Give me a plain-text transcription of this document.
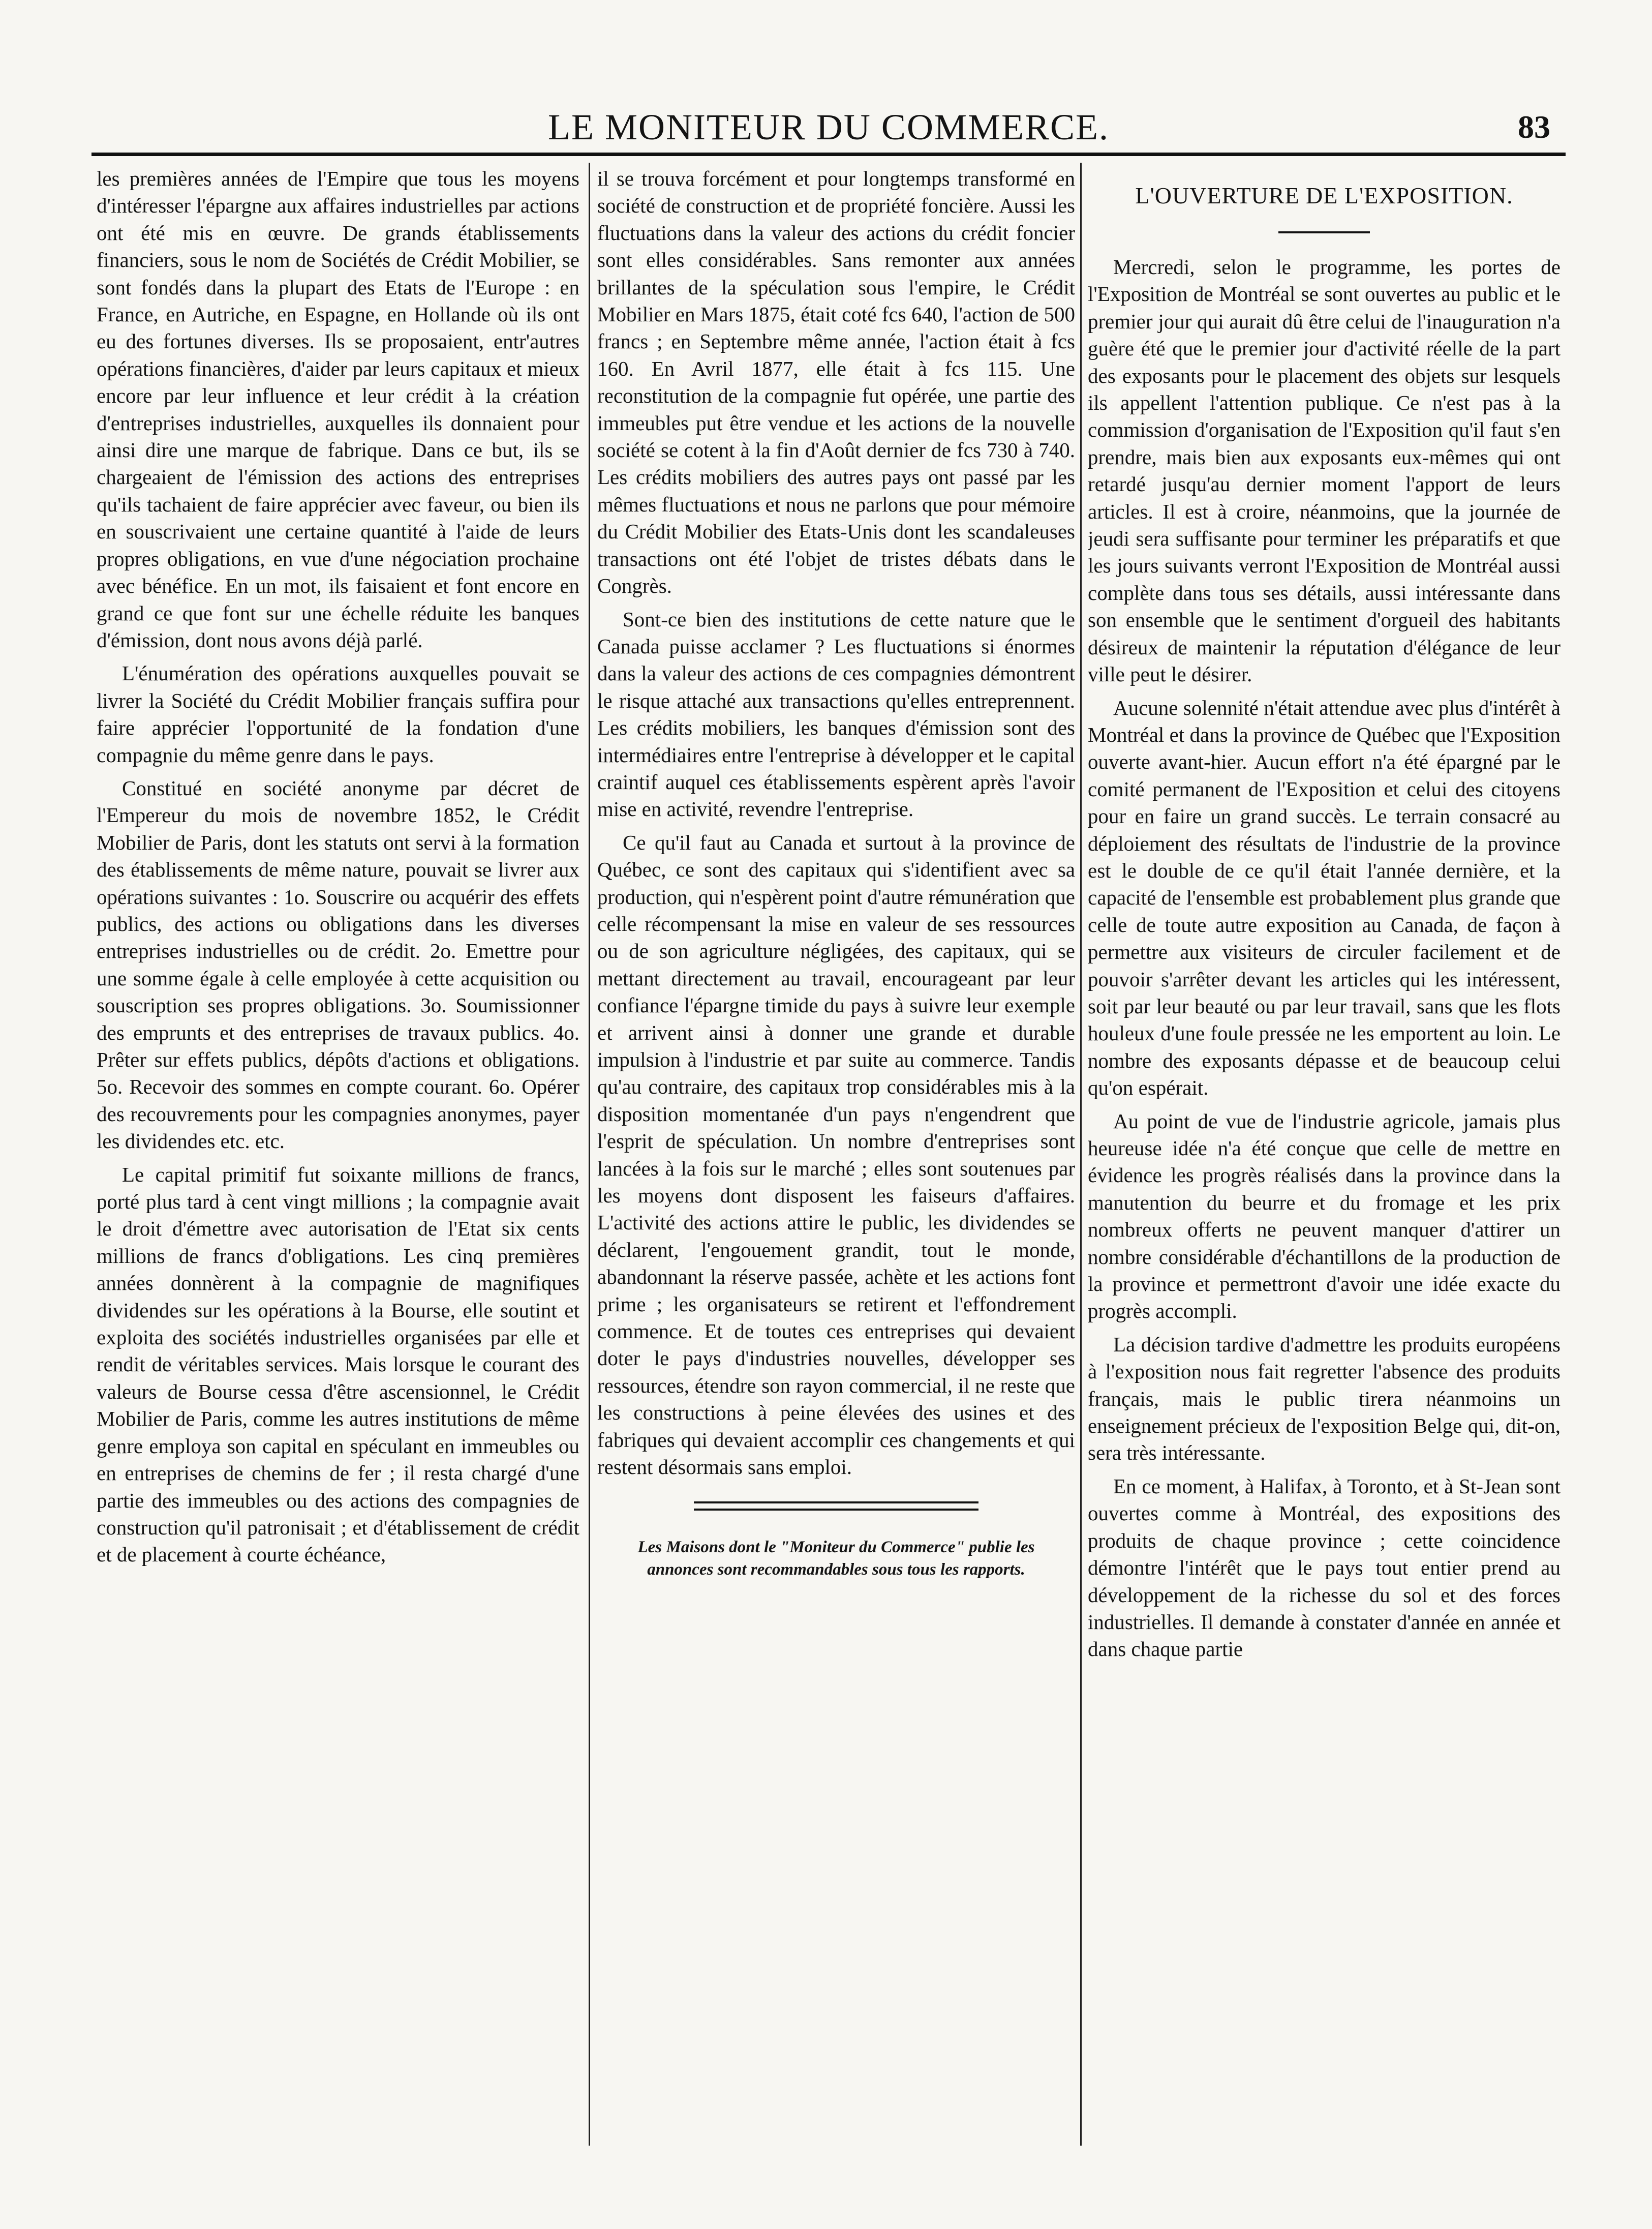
LE MONITEUR DU COMMERCE.	83

les premières années de l'Empire que tous les moyens d'intéresser l'épargne aux affaires industrielles par actions ont été mis en œuvre. De grands établissements financiers, sous le nom de Sociétés de Crédit Mobilier, se sont fondés dans la plupart des Etats de l'Europe : en France, en Autriche, en Espagne, en Hollande où ils ont eu des fortunes diverses. Ils se proposaient, entr'autres opérations financières, d'aider par leurs capitaux et mieux encore par leur influence et leur crédit à la création d'entreprises industrielles, auxquelles ils donnaient pour ainsi dire une marque de fabrique. Dans ce but, ils se chargeaient de l'émission des actions des entreprises qu'ils tachaient de faire apprécier avec faveur, ou bien ils en souscrivaient une certaine quantité à l'aide de leurs propres obligations, en vue d'une négociation prochaine avec bénéfice. En un mot, ils faisaient et font encore en grand ce que font sur une échelle réduite les banques d'émission, dont nous avons déjà parlé.

L'énumération des opérations auxquelles pouvait se livrer la Société du Crédit Mobilier français suffira pour faire apprécier l'opportunité de la fondation d'une compagnie du même genre dans le pays.

Constitué en société anonyme par décret de l'Empereur du mois de novembre 1852, le Crédit Mobilier de Paris, dont les statuts ont servi à la formation des établissements de même nature, pouvait se livrer aux opérations suivantes : 1o. Souscrire ou acquérir des effets publics, des actions ou obligations dans les diverses entreprises industrielles ou de crédit. 2o. Emettre pour une somme égale à celle employée à cette acquisition ou souscription ses propres obligations. 3o. Soumissionner des emprunts et des entreprises de travaux publics. 4o. Prêter sur effets publics, dépôts d'actions et obligations. 5o. Recevoir des sommes en compte courant. 6o. Opérer des recouvrements pour les compagnies anonymes, payer les dividendes etc. etc.

Le capital primitif fut soixante millions de francs, porté plus tard à cent vingt millions ; la compagnie avait le droit d'émettre avec autorisation de l'Etat six cents millions de francs d'obligations. Les cinq premières années donnèrent à la compagnie de magnifiques dividendes sur les opérations à la Bourse, elle soutint et exploita des sociétés industrielles organisées par elle et rendit de véritables services. Mais lorsque le courant des valeurs de Bourse cessa d'être ascensionnel, le Crédit Mobilier de Paris, comme les autres institutions de même genre employa son capital en spéculant en immeubles ou en entreprises de chemins de fer ; il resta chargé d'une partie des immeubles ou des actions des compagnies de construction qu'il patronisait ; et d'établissement de crédit et de placement à courte échéance,

il se trouva forcément et pour longtemps transformé en société de construction et de propriété foncière. Aussi les fluctuations dans la valeur des actions du crédit foncier sont elles considérables. Sans remonter aux années brillantes de la spéculation sous l'empire, le Crédit Mobilier en Mars 1875, était coté fcs 640, l'action de 500 francs ; en Septembre même année, l'action était à fcs 160. En Avril 1877, elle était à fcs 115. Une reconstitution de la compagnie fut opérée, une partie des immeubles put être vendue et les actions de la nouvelle société se cotent à la fin d'Août dernier de fcs 730 à 740. Les crédits mobiliers des autres pays ont passé par les mêmes fluctuations et nous ne parlons que pour mémoire du Crédit Mobilier des Etats-Unis dont les scandaleuses transactions ont été l'objet de tristes débats dans le Congrès.

Sont-ce bien des institutions de cette nature que le Canada puisse acclamer ? Les fluctuations si énormes dans la valeur des actions de ces compagnies démontrent le risque attaché aux transactions qu'elles entreprennent. Les crédits mobiliers, les banques d'émission sont des intermédiaires entre l'entreprise à développer et le capital craintif auquel ces établissements espèrent après l'avoir mise en activité, revendre l'entreprise.

Ce qu'il faut au Canada et surtout à la province de Québec, ce sont des capitaux qui s'identifient avec sa production, qui n'espèrent point d'autre rémunération que celle récompensant la mise en valeur de ses ressources ou de son agriculture négligées, des capitaux, qui se mettant directement au travail, encourageant par leur confiance l'épargne timide du pays à suivre leur exemple et arrivent ainsi à donner une grande et durable impulsion à l'industrie et par suite au commerce. Tandis qu'au contraire, des capitaux trop considérables mis à la disposition momentanée d'un pays n'engendrent que l'esprit de spéculation. Un nombre d'entreprises sont lancées à la fois sur le marché ; elles sont soutenues par les moyens dont disposent les faiseurs d'affaires. L'activité des actions attire le public, les dividendes se déclarent, l'engouement grandit, tout le monde, abandonnant la réserve passée, achète et les actions font prime ; les organisateurs se retirent et l'effondrement commence. Et de toutes ces entreprises qui devaient doter le pays d'industries nouvelles, développer ses ressources, étendre son rayon commercial, il ne reste que les constructions à peine élevées des usines et des fabriques qui devaient accomplir ces changements et qui restent désormais sans emploi.

Les Maisons dont le "Moniteur du Commerce" publie les annonces sont recommandables sous tous les rapports.
L'OUVERTURE DE L'EXPOSITION.

Mercredi, selon le programme, les portes de l'Exposition de Montréal se sont ouvertes au public et le premier jour qui aurait dû être celui de l'inauguration n'a guère été que le premier jour d'activité réelle de la part des exposants pour le placement des objets sur lesquels ils appellent l'attention publique. Ce n'est pas à la commission d'organisation de l'Exposition qu'il faut s'en prendre, mais bien aux exposants eux-mêmes qui ont retardé jusqu'au dernier moment l'apport de leurs articles. Il est à croire, néanmoins, que la journée de jeudi sera suffisante pour terminer les préparatifs et que les jours suivants verront l'Exposition de Montréal aussi complète dans tous ses détails, aussi intéressante dans son ensemble que le sentiment d'orgueil des habitants désireux de maintenir la réputation d'élégance de leur ville peut le désirer.

Aucune solennité n'était attendue avec plus d'intérêt à Montréal et dans la province de Québec que l'Exposition ouverte avant-hier. Aucun effort n'a été épargné par le comité permanent de l'Exposition et celui des citoyens pour en faire un grand succès. Le terrain consacré au déploiement des résultats de l'industrie de la province est le double de ce qu'il était l'année dernière, et la capacité de l'ensemble est probablement plus grande que celle de toute autre exposition au Canada, de façon à permettre aux visiteurs de circuler facilement et de pouvoir s'arrêter devant les articles qui les intéressent, soit par leur beauté ou par leur travail, sans que les flots houleux d'une foule pressée ne les emportent au loin. Le nombre des exposants dépasse et de beaucoup celui qu'on espérait.

Au point de vue de l'industrie agricole, jamais plus heureuse idée n'a été conçue que celle de mettre en évidence les progrès réalisés dans la province dans la manutention du beurre et du fromage et les prix nombreux offerts ne peuvent manquer d'attirer un nombre considérable d'échantillons de la production de la province et permettront d'avoir une idée exacte du progrès accompli.

La décision tardive d'admettre les produits européens à l'exposition nous fait regretter l'absence des produits français, mais le public tirera néanmoins un enseignement précieux de l'exposition Belge qui, dit-on, sera très intéressante.

En ce moment, à Halifax, à Toronto, et à St-Jean sont ouvertes comme à Montréal, des expositions des produits de chaque province ; cette coincidence démontre l'intérêt que le pays tout entier prend au développement de la richesse du sol et des forces industrielles. Il demande à constater d'année en année et dans chaque partie
